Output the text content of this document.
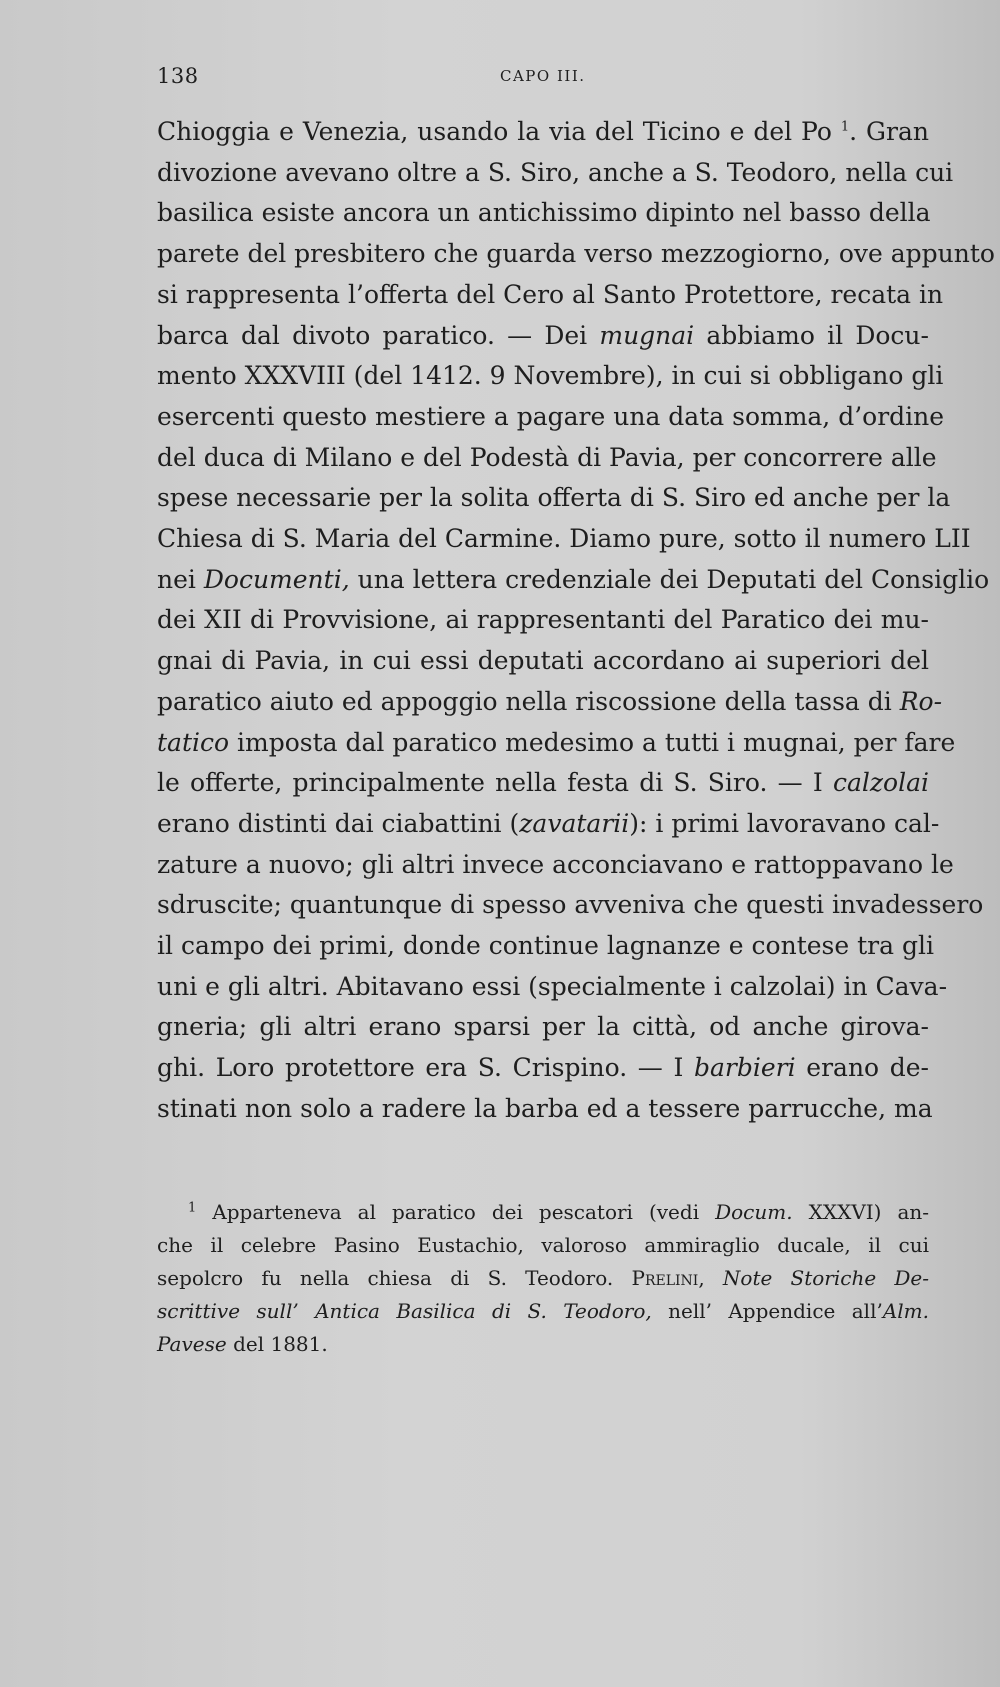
138	CAPO III.
Chioggia e Venezia, usando la via del Ticino e del Po $^1$. Gran
divozione avevano oltre a S. Siro, anche a S. Teodoro, nella cui
basilica esiste ancora un antichissimo dipinto nel basso della
parete del presbitero che guarda verso mezzogiorno, ove appunto
si rappresenta l’offerta del Cero al Santo Protettore, recata in
barca dal divoto paratico. — Dei mugnai abbiamo il Docu-
mento XXXVIII (del 1412. 9 Novembre), in cui si obbligano gli
esercenti questo mestiere a pagare una data somma, d’ordine
del duca di Milano e del Podestà di Pavia, per concorrere alle
spese necessarie per la solita offerta di S. Siro ed anche per la
Chiesa di S. Maria del Carmine. Diamo pure, sotto il numero LII
nei Documenti, una lettera credenziale dei Deputati del Consiglio
dei XII di Provvisione, ai rappresentanti del Paratico dei mu-
gnai di Pavia, in cui essi deputati accordano ai superiori del
paratico aiuto ed appoggio nella riscossione della tassa di Ro-
tatico imposta dal paratico medesimo a tutti i mugnai, per fare
le offerte, principalmente nella festa di S. Siro. — I calzolai
erano distinti dai ciabattini (zavatarii): i primi lavoravano cal-
zature a nuovo; gli altri invece acconciavano e rattoppavano le
sdruscite; quantunque di spesso avveniva che questi invadessero
il campo dei primi, donde continue lagnanze e contese tra gli
uni e gli altri. Abitavano essi (specialmente i calzolai) in Cava-
gneria; gli altri erano sparsi per la città, od anche girova-
ghi. Loro protettore era S. Crispino. — I barbieri erano de-
stinati non solo a radere la barba ed a tessere parrucche, ma
$^1$ Apparteneva al paratico dei pescatori (vedi Docum. XXXVI) an-
che il celebre Pasino Eustachio, valoroso ammiraglio ducale, il cui
sepolcro fu nella chiesa di S. Teodoro. Prelini, Note Storiche De-
scrittive sull’ Antica Basilica di S. Teodoro, nell’ Appendice all’Alm.
Pavese del 1881.
